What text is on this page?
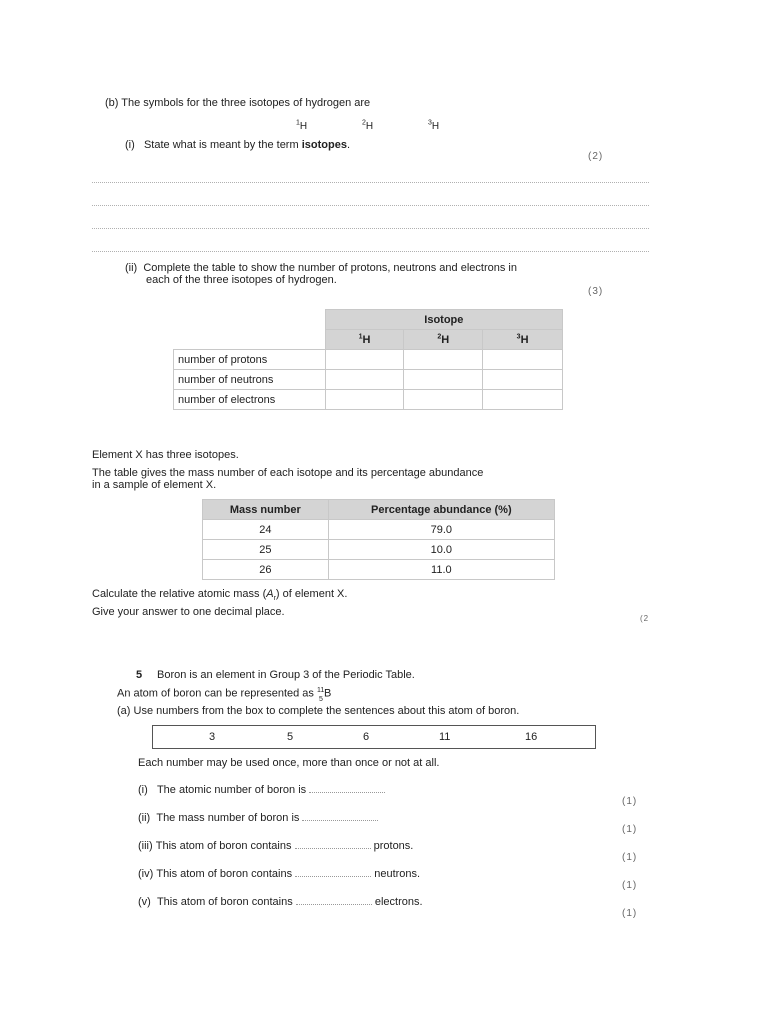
(b) The symbols for the three isotopes of hydrogen are
$^1$H	$^2$H	$^3$H
(i) State what is meant by the term isotopes.
(2)
(ii) Complete the table to show the number of protons, neutrons and electrons in
each of the three isotopes of hydrogen.
(3)
	Isotope		
	$^1$H	$^2$H	$^3$H
number of protons			
number of neutrons			
number of electrons			
Element X has three isotopes.
The table gives the mass number of each isotope and its percentage abundance
in a sample of element X.
Mass number	Percentage abundance (%)
24	79.0
25	10.0
26	11.0
Calculate the relative atomic mass $(A_r)$ of element X.
Give your answer to one decimal place.
(2
5 Boron is an element in Group 3 of the Periodic Table.
An atom of boron can be represented as 11
5
B
(a) Use numbers from the box to complete the sentences about this atom of boron.
3	5	6	11	16
Each number may be used once, more than once or not at all.
(i) The atomic number of boron is
(1)
(ii) The mass number of boron is
(1)
(iii) This atom of boron contains	protons.
(1)
(iv) This atom of boron contains	neutrons.
(1)
(v) This atom of boron contains	electrons.
(1)
